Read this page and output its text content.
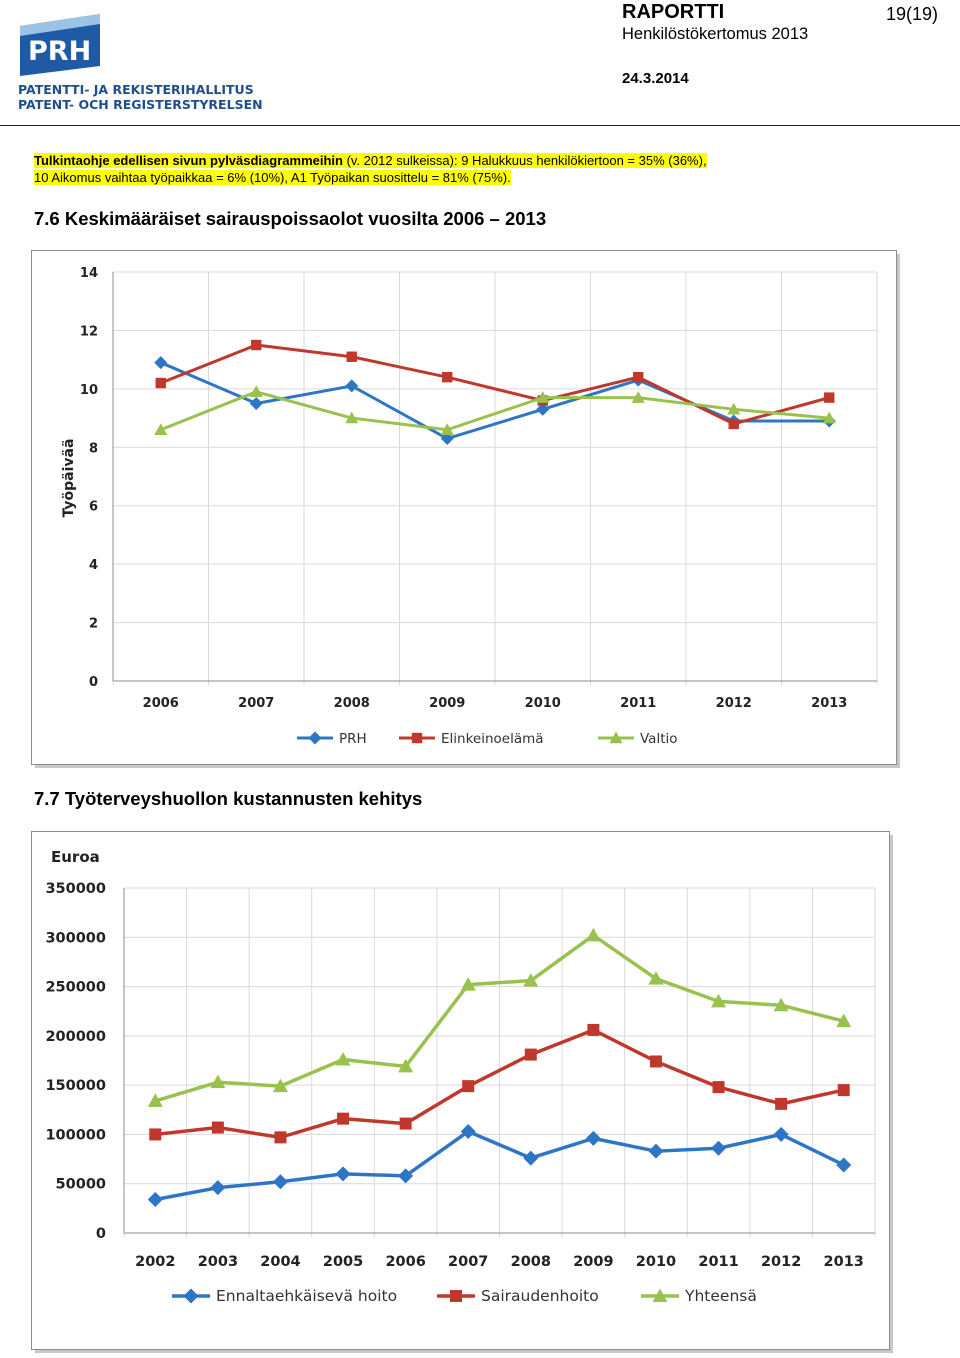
PRH
PATENTTI- JA REKISTERIHALLITUS
PATENT- OCH REGISTERSTYRELSEN
RAPORTTI	19(19)
Henkilöstökertomus 2013
24.3.2014
Tulkintaohje edellisen sivun pylväsdiagrammeihin (v. 2012 sulkeissa): 9 Halukkuus henkilökiertoon = 35% (36%),
10 Aikomus vaihtaa työpaikkaa = 6% (10%), A1 Työpaikan suosittelu = 81% (75%).
7.6 Keskimääräiset sairauspoissaolot vuosilta 2006 – 2013
0
2
4
6
8
10
12
14
2006	2007	2008	2009	2010	2011	2012	2013
Työpäivää
PRH	Elinkeinoelämä	Valtio
7.7 Työterveyshuollon kustannusten kehitys
0
50000
100000
150000
200000
250000
300000
350000
2002 2003 2004 2005 2006 2007 2008 2009 2010 2011 2012 2013
Euroa
Ennaltaehkäisevä hoito	Sairaudenhoito	Yhteensä
